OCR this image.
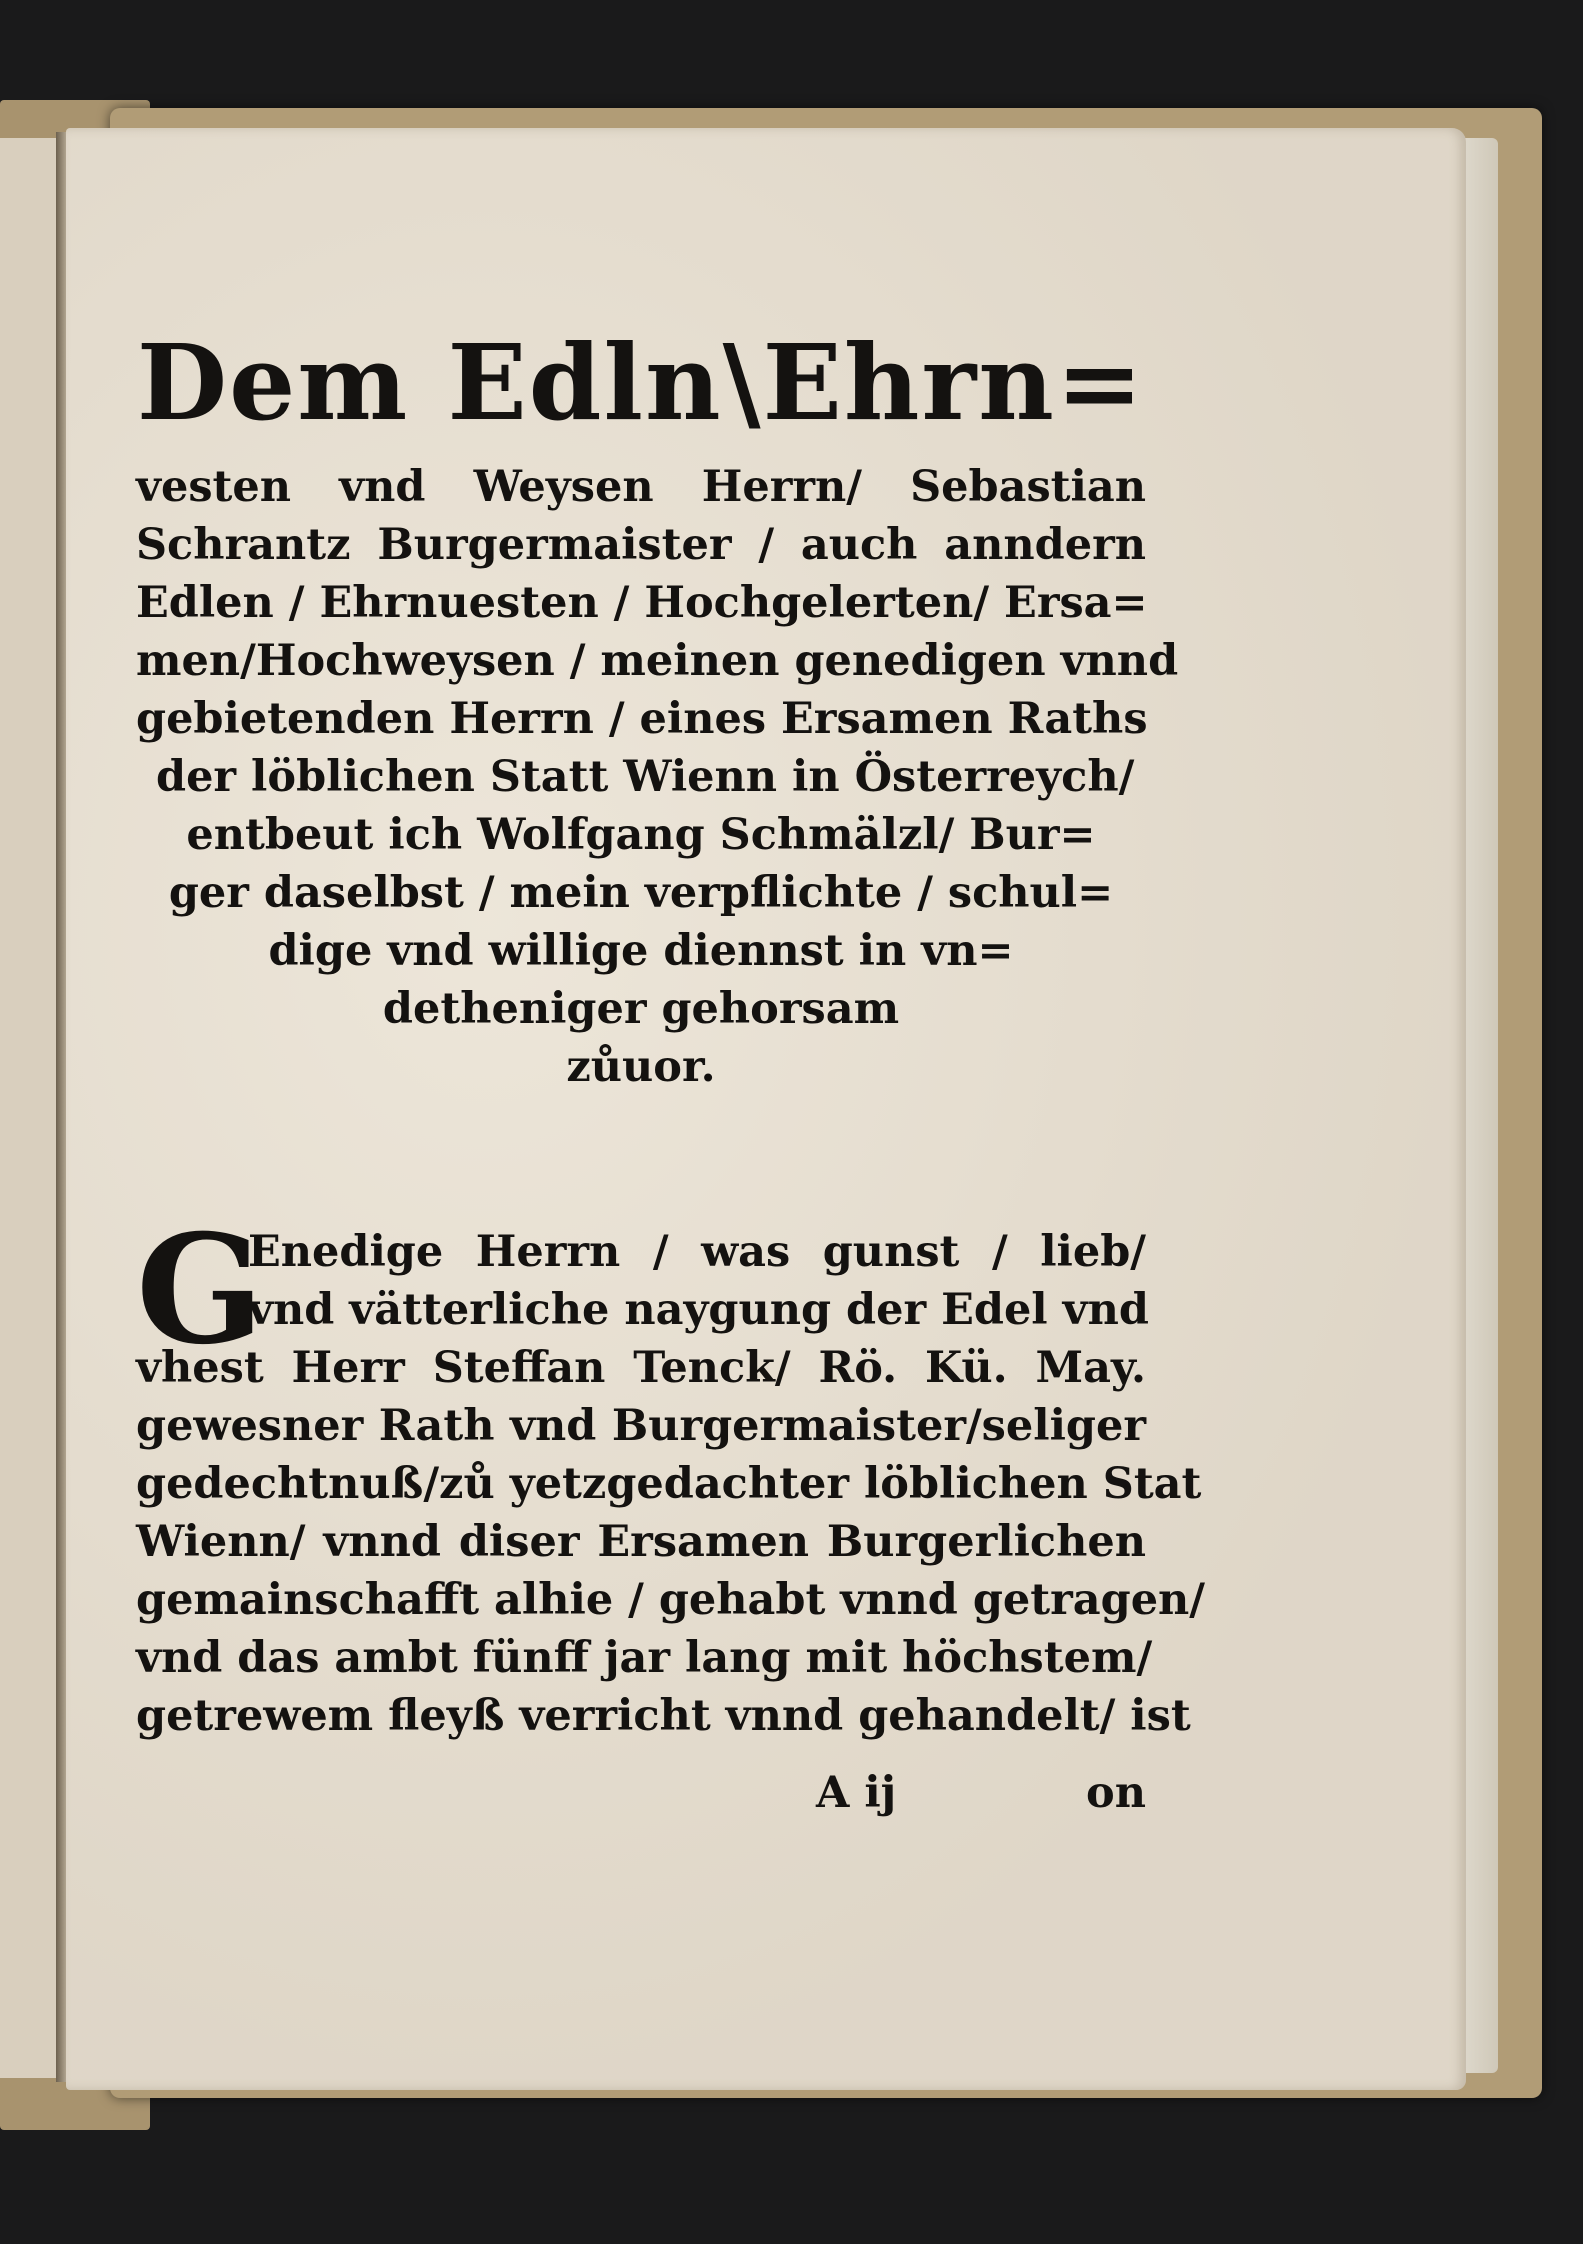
Dem Edln\Ehrn=

vesten vnd Weysen Herrn/ Sebastian

Schrantz Burgermaister / auch anndern

Edlen / Ehrnuesten / Hochgelerten/ Ersa=

men/Hochweysen / meinen genedigen vnnd

gebietenden Herrn / eines Ersamen Raths

der löblichen Statt Wienn in Österreych/

entbeut ich Wolfgang Schmälzl/ Bur=

ger daselbst / mein verpflichte / schul=

dige vnd willige diennst in vn=

detheniger gehorsam

zůuor.

G

Enedige Herrn / was gunst / lieb/

vnd vätterliche naygung der Edel vnd

vhest Herr Steffan Tenck/ Rö. Kü. May.

gewesner Rath vnd Burgermaister/seliger

gedechtnuß/zů yetzgedachter löblichen Stat

Wienn/ vnnd diser Ersamen Burgerlichen

gemainschafft alhie / gehabt vnnd getragen/

vnd das ambt fünff jar lang mit höchstem/

getrewem fleyß verricht vnnd gehandelt/ ist

A ij	on
